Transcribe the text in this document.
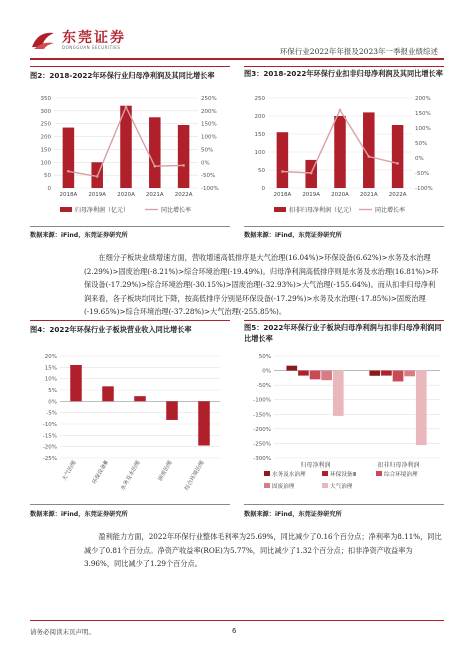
东莞证券
DONGGUAN SECURITIES	环保行业2022年年报及2023年一季报业绩综述
图2：2018-2022年环保行业归母净利润及其同比增长率
0
50
100
150
200
250
300
350
-100%
-50%
0%
50%
100%
150%
200%
250%
2018A 2019A 2020A 2021A 2022A
归母净利润（亿元）	同比增长率
数据来源：iFind，东莞证券研究所
图3：2018-2022年环保行业扣非归母净利润及其同比增长率
0
50
100
150
200
250
-100%
-50%
0%
50%
100%
150%
200%
2018A 2019A 2020A 2021A 2022A
扣非归母净利润（亿元）	同比增长率
数据来源：iFind，东莞证券研究所

在细分子板块业绩增速方面，营收增速高低排序是大气治理(16.04%)>环保设备(6.62%)>水务及水治理(2.29%)>固废治理(-8.21%)>综合环境治理(-19.49%)。归母净利润高低排序则是水务及水治理(16.81%)>环保设备(-17.29%)>综合环境治理(-30.15%)>固废治理(-32.93%)>大气治理(-155.64%)。而从扣非归母净利润来看，各子板块均同比下降，按高低排序分别是环保设备(-17.29%)>水务及水治理(-17.85%)>固废治理(-19.65%)>综合环境治理(-37.28%)>大气治理(-255.85%)。

图4：2022年环保行业子板块营业收入同比增长率
-25%
-20%
-15%
-10%
-5%
0%
5%
10%
15%
20%
大气治理	环保设备Ⅲ	水务及水治理	固废治理	综合环境治理
数据来源：iFind，东莞证券研究所
图5：2022年环保行业子板块归母净利润与扣非归母净利润同比增长率
-300%
-250%
-200%
-150%
-100%
-50%
0%
50%
归母净利润	扣非归母净利润
水务及水治理	环保设备Ⅲ	综合环境治理
固废治理	大气治理
数据来源：iFind，东莞证券研究所

盈利能力方面，2022年环保行业整体毛利率为25.69%，同比减少了0.16个百分点；净利率为8.11%，同比减少了0.81个百分点。净资产收益率(ROE)为5.77%，同比减少了1.32个百分点；扣非净资产收益率为3.96%，同比减少了1.29个百分点。

请务必阅读末页声明。	6
